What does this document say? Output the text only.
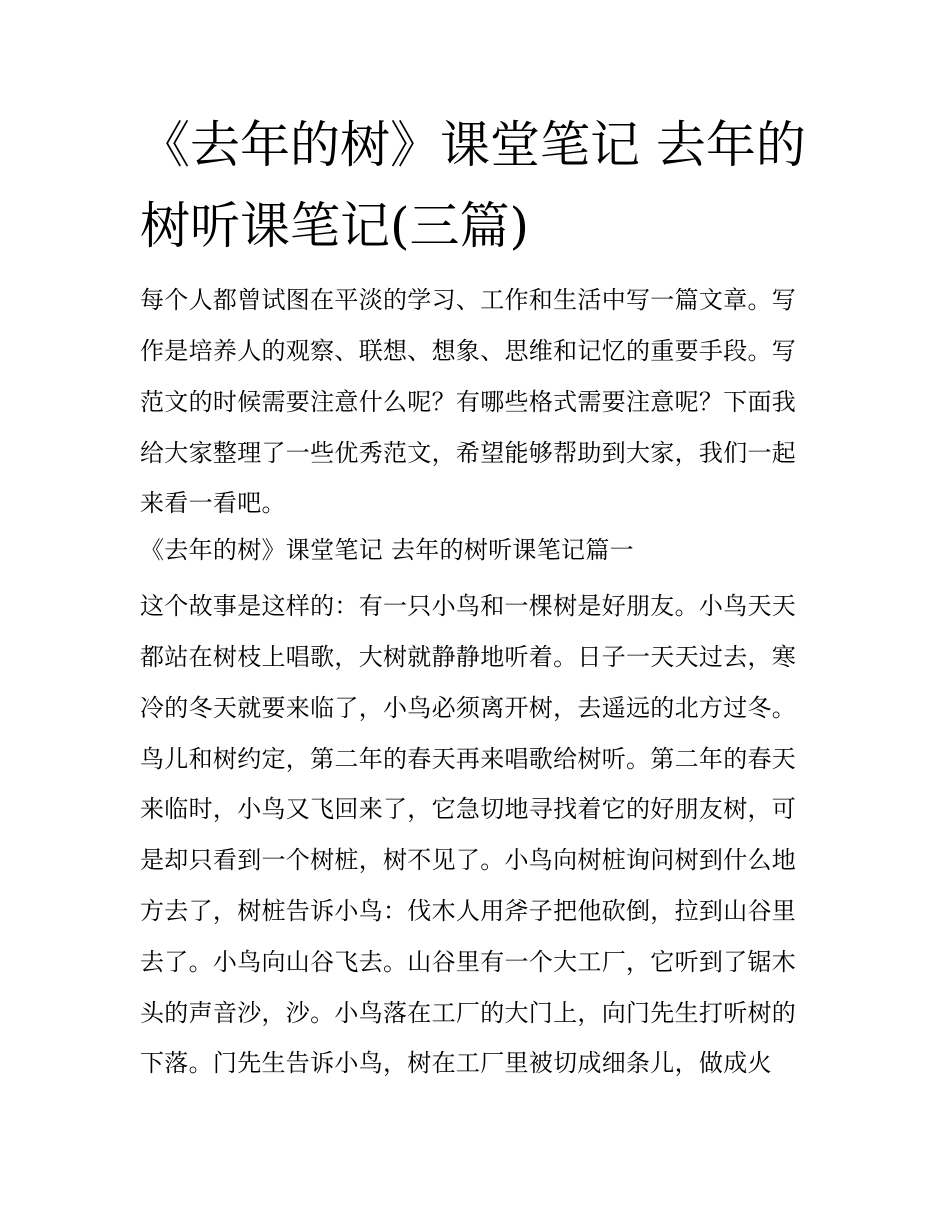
《去年的树》课堂笔记 去年的
树听课笔记(三篇)
每个人都曾试图在平淡的学习、工作和生活中写一篇文章。写
作是培养人的观察、联想、想象、思维和记忆的重要手段。写
范文的时候需要注意什么呢？有哪些格式需要注意呢？下面我
给大家整理了一些优秀范文，希望能够帮助到大家，我们一起
来看一看吧。
《去年的树》课堂笔记 去年的树听课笔记篇一
这个故事是这样的：有一只小鸟和一棵树是好朋友。小鸟天天
都站在树枝上唱歌，大树就静静地听着。日子一天天过去，寒
冷的冬天就要来临了，小鸟必须离开树，去遥远的北方过冬。
鸟儿和树约定，第二年的春天再来唱歌给树听。第二年的春天
来临时，小鸟又飞回来了，它急切地寻找着它的好朋友树，可
是却只看到一个树桩，树不见了。小鸟向树桩询问树到什么地
方去了，树桩告诉小鸟：伐木人用斧子把他砍倒，拉到山谷里
去了。小鸟向山谷飞去。山谷里有一个大工厂，它听到了锯木
头的声音沙，沙。小鸟落在工厂的大门上，向门先生打听树的
下落。门先生告诉小鸟，树在工厂里被切成细条儿，做成火
